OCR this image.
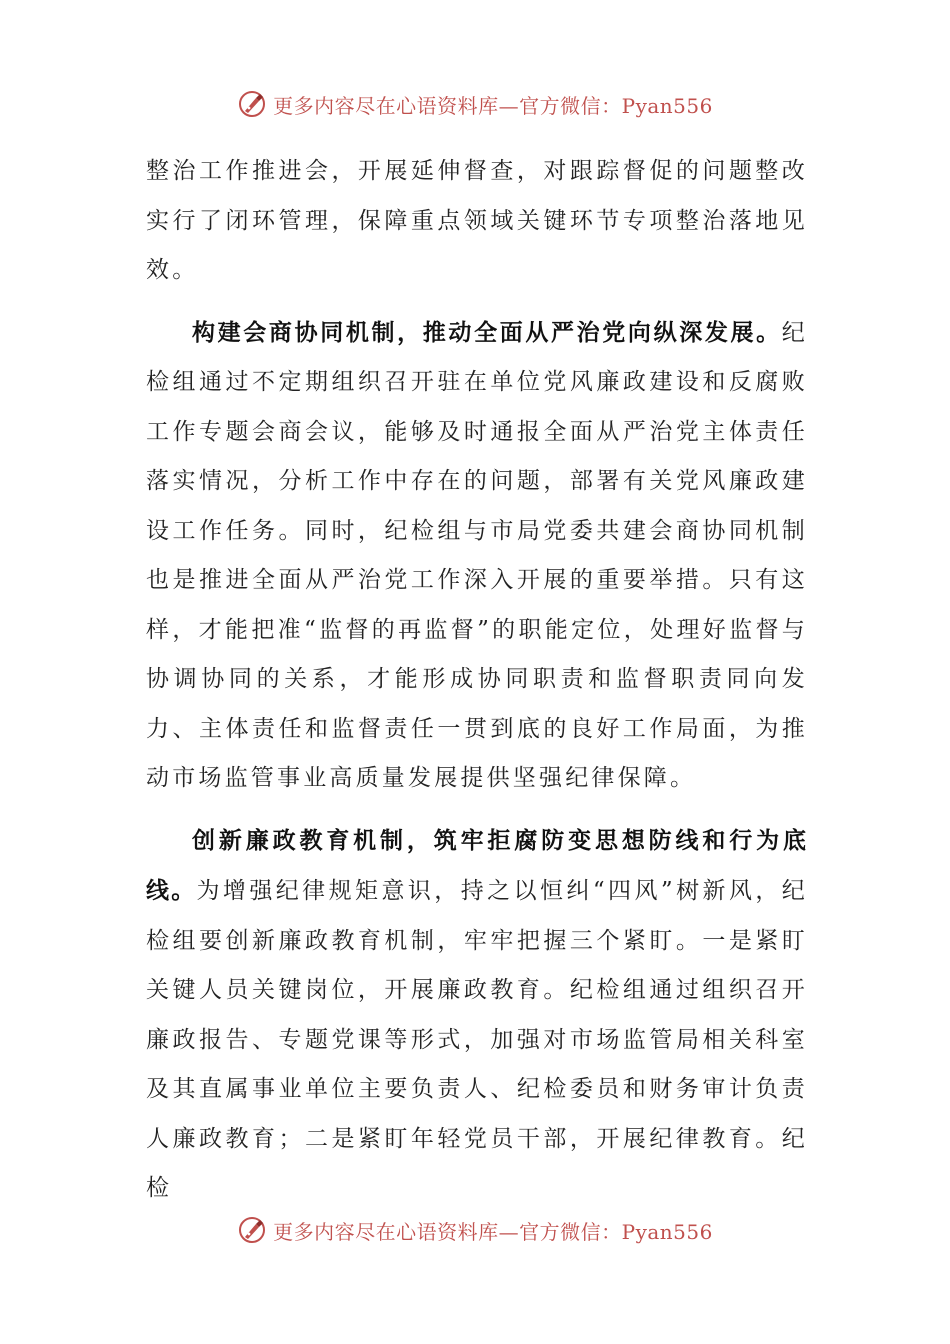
更多内容尽在心语资料库—官方微信：Pyan556

整治工作推进会，开展延伸督查，对跟踪督促的问题整改实行了闭环管理，保障重点领域关键环节专项整治落地见效。

构建会商协同机制，推动全面从严治党向纵深发展。纪检组通过不定期组织召开驻在单位党风廉政建设和反腐败工作专题会商会议，能够及时通报全面从严治党主体责任落实情况，分析工作中存在的问题，部署有关党风廉政建设工作任务。同时，纪检组与市局党委共建会商协同机制也是推进全面从严治党工作深入开展的重要举措。只有这样，才能把准“监督的再监督”的职能定位，处理好监督与协调协同的关系，才能形成协同职责和监督职责同向发力、主体责任和监督责任一贯到底的良好工作局面，为推动市场监管事业高质量发展提供坚强纪律保障。

创新廉政教育机制，筑牢拒腐防变思想防线和行为底线。为增强纪律规矩意识，持之以恒纠“四风”树新风，纪检组要创新廉政教育机制，牢牢把握三个紧盯。一是紧盯关键人员关键岗位，开展廉政教育。纪检组通过组织召开廉政报告、专题党课等形式，加强对市场监管局相关科室及其直属事业单位主要负责人、纪检委员和财务审计负责人廉政教育；二是紧盯年轻党员干部，开展纪律教育。纪检

更多内容尽在心语资料库—官方微信：Pyan556
